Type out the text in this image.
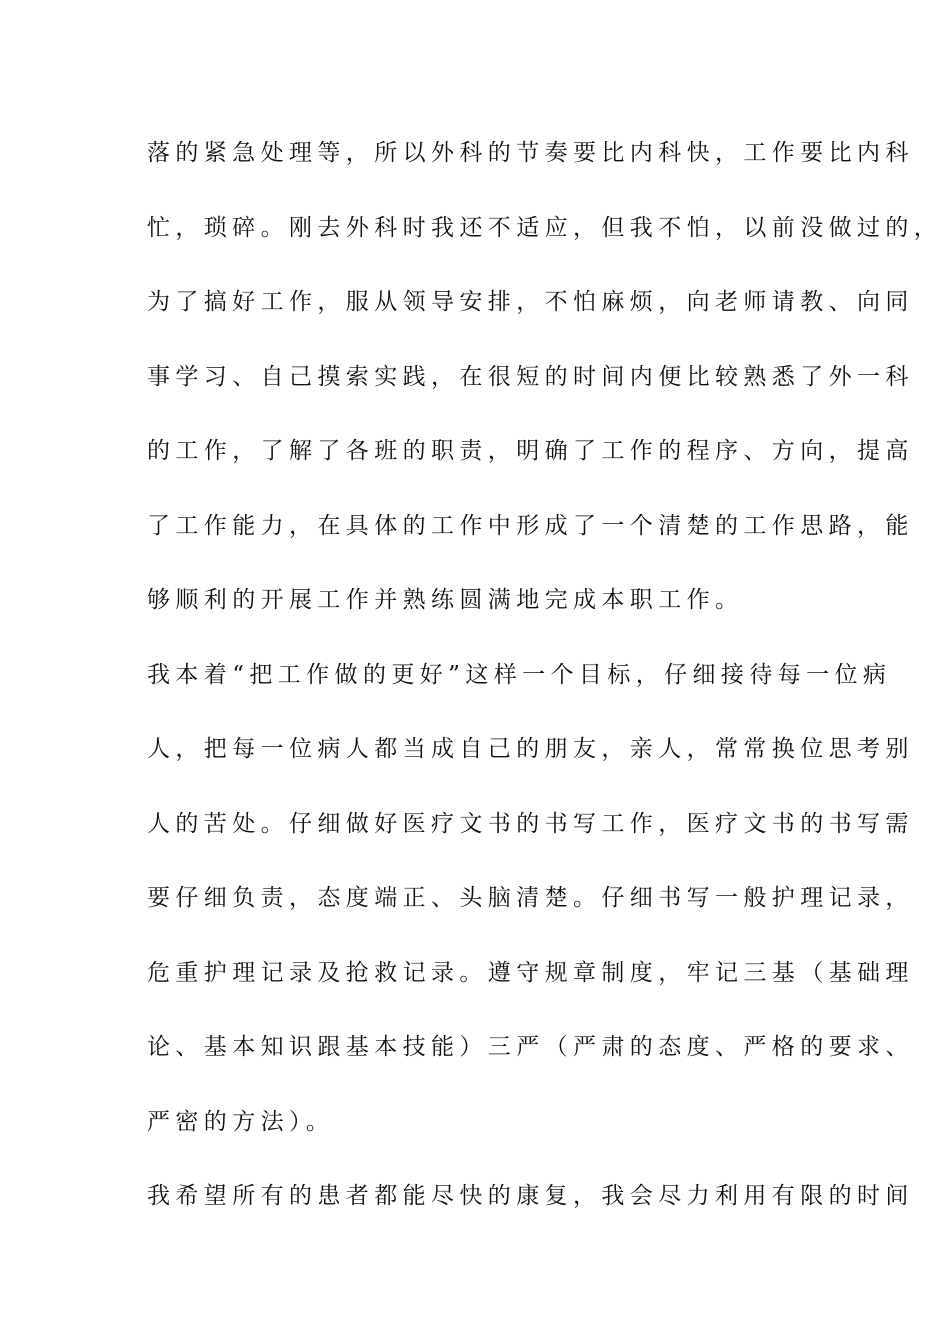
落的紧急处理等，所以外科的节奏要比内科快，工作要比内科
忙，琐碎。刚去外科时我还不适应，但我不怕，以前没做过的，
为了搞好工作，服从领导安排，不怕麻烦，向老师请教、向同
事学习、自己摸索实践，在很短的时间内便比较熟悉了外一科
的工作，了解了各班的职责，明确了工作的程序、方向，提高
了工作能力，在具体的工作中形成了一个清楚的工作思路，能
够顺利的开展工作并熟练圆满地完成本职工作。
我本着“把工作做的更好”这样一个目标，仔细接待每一位病
人，把每一位病人都当成自己的朋友，亲人，常常换位思考别
人的苦处。仔细做好医疗文书的书写工作，医疗文书的书写需
要仔细负责，态度端正、头脑清楚。仔细书写一般护理记录，
危重护理记录及抢救记录。遵守规章制度，牢记三基（基础理
论、基本知识跟基本技能）三严（严肃的态度、严格的要求、
严密的方法）。
我希望所有的患者都能尽快的康复，我会尽力利用有限的时间
